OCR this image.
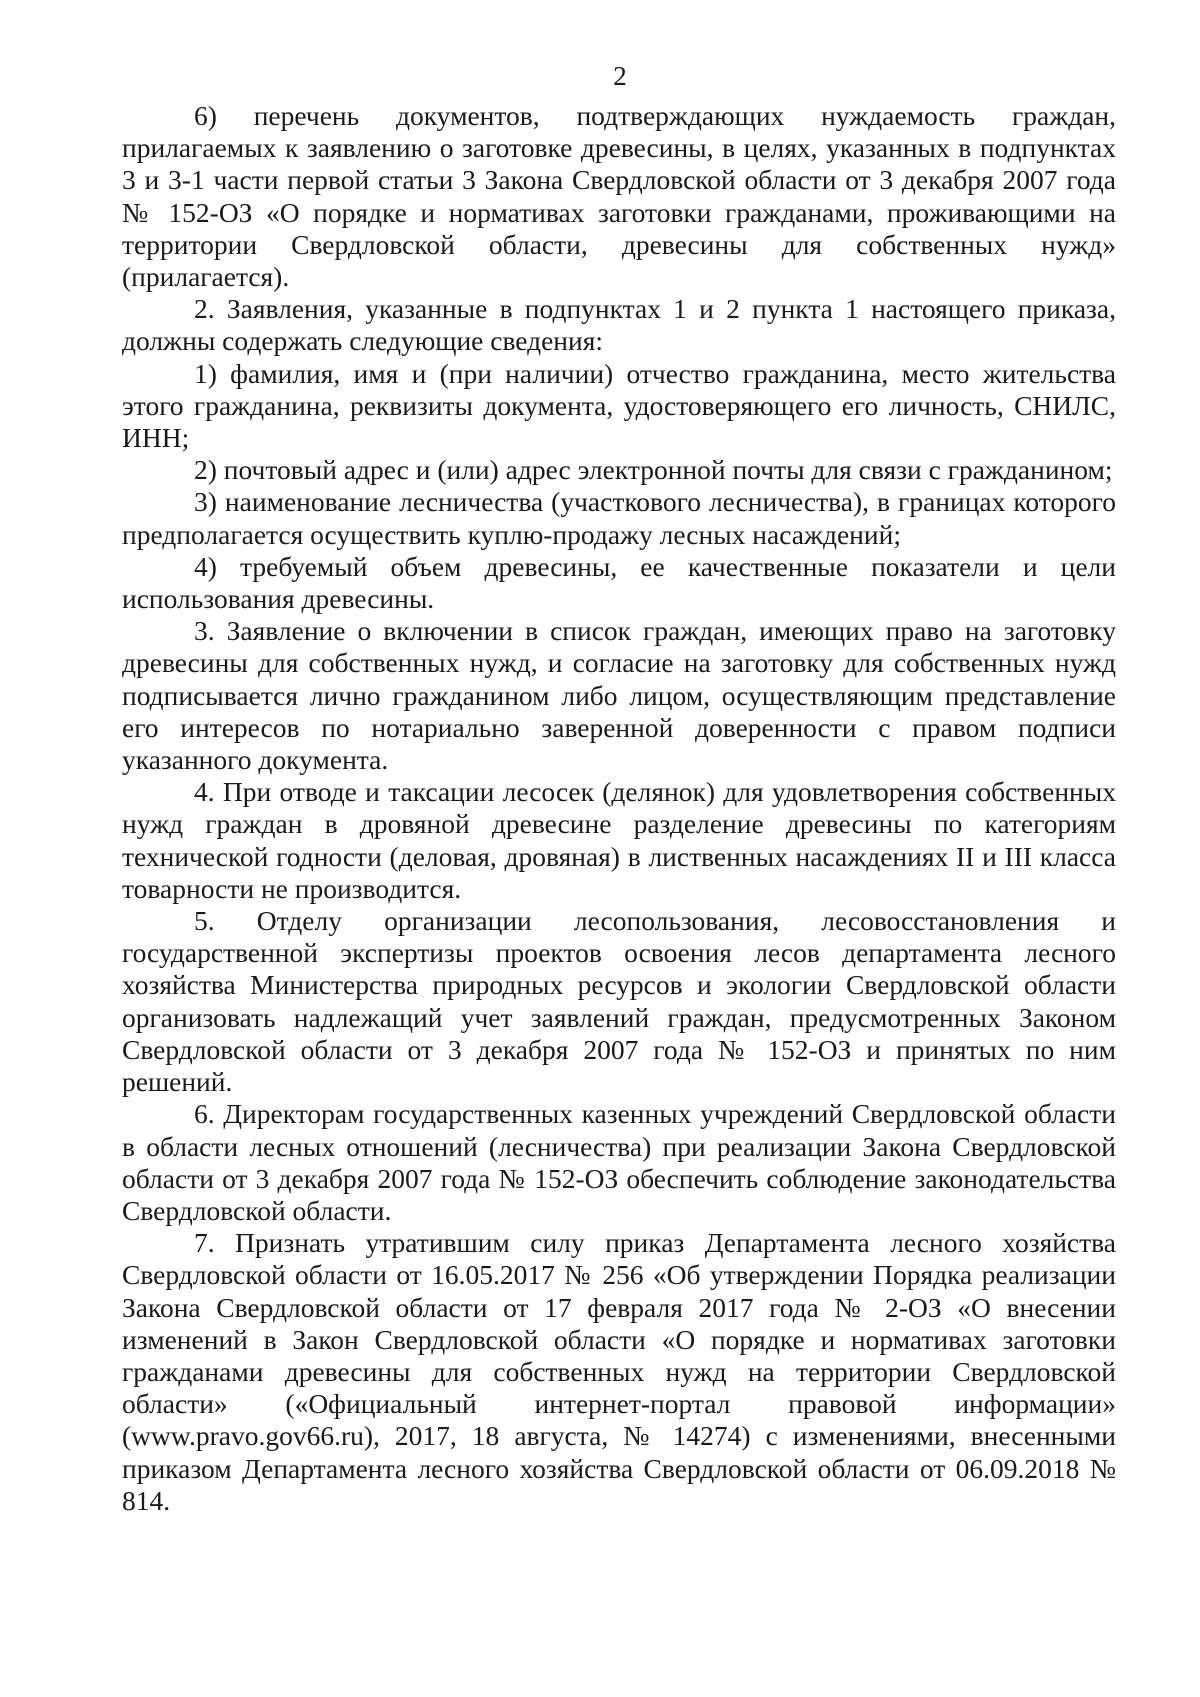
2

6) перечень документов, подтверждающих нуждаемость граждан, прилагаемых к заявлению о заготовке древесины, в целях, указанных в подпунктах 3 и 3-1 части первой статьи 3 Закона Свердловской области от 3 декабря 2007 года № 152-ОЗ «О порядке и нормативах заготовки гражданами, проживающими на территории Свердловской области, древесины для собственных нужд» (прилагается).

2. Заявления, указанные в подпунктах 1 и 2 пункта 1 настоящего приказа, должны содержать следующие сведения:

1) фамилия, имя и (при наличии) отчество гражданина, место жительства этого гражданина, реквизиты документа, удостоверяющего его личность, СНИЛС, ИНН;

2) почтовый адрес и (или) адрес электронной почты для связи с гражданином;

3) наименование лесничества (участкового лесничества), в границах которого предполагается осуществить куплю-продажу лесных насаждений;

4) требуемый объем древесины, ее качественные показатели и цели использования древесины.

3. Заявление о включении в список граждан, имеющих право на заготовку древесины для собственных нужд, и согласие на заготовку для собственных нужд подписывается лично гражданином либо лицом, осуществляющим представление его интересов по нотариально заверенной доверенности с правом подписи указанного документа.

4. При отводе и таксации лесосек (делянок) для удовлетворения собственных нужд граждан в дровяной древесине разделение древесины по категориям технической годности (деловая, дровяная) в лиственных насаждениях II и III класса товарности не производится.

5. Отделу организации лесопользования, лесовосстановления и государственной экспертизы проектов освоения лесов департамента лесного хозяйства Министерства природных ресурсов и экологии Свердловской области организовать надлежащий учет заявлений граждан, предусмотренных Законом Свердловской области от 3 декабря 2007 года № 152-ОЗ и принятых по ним решений.

6. Директорам государственных казенных учреждений Свердловской области в области лесных отношений (лесничества) при реализации Закона Свердловской области от 3 декабря 2007 года № 152-ОЗ обеспечить соблюдение законодательства Свердловской области.

7. Признать утратившим силу приказ Департамента лесного хозяйства Свердловской области от 16.05.2017 № 256 «Об утверждении Порядка реализации Закона Свердловской области от 17 февраля 2017 года № 2-ОЗ «О внесении изменений в Закон Свердловской области «О порядке и нормативах заготовки гражданами древесины для собственных нужд на территории Свердловской области» («Официальный интернет-портал правовой информации» (www.pravo.gov66.ru), 2017, 18 августа, № 14274) с изменениями, внесенными приказом Департамента лесного хозяйства Свердловской области от 06.09.2018 № 814.
